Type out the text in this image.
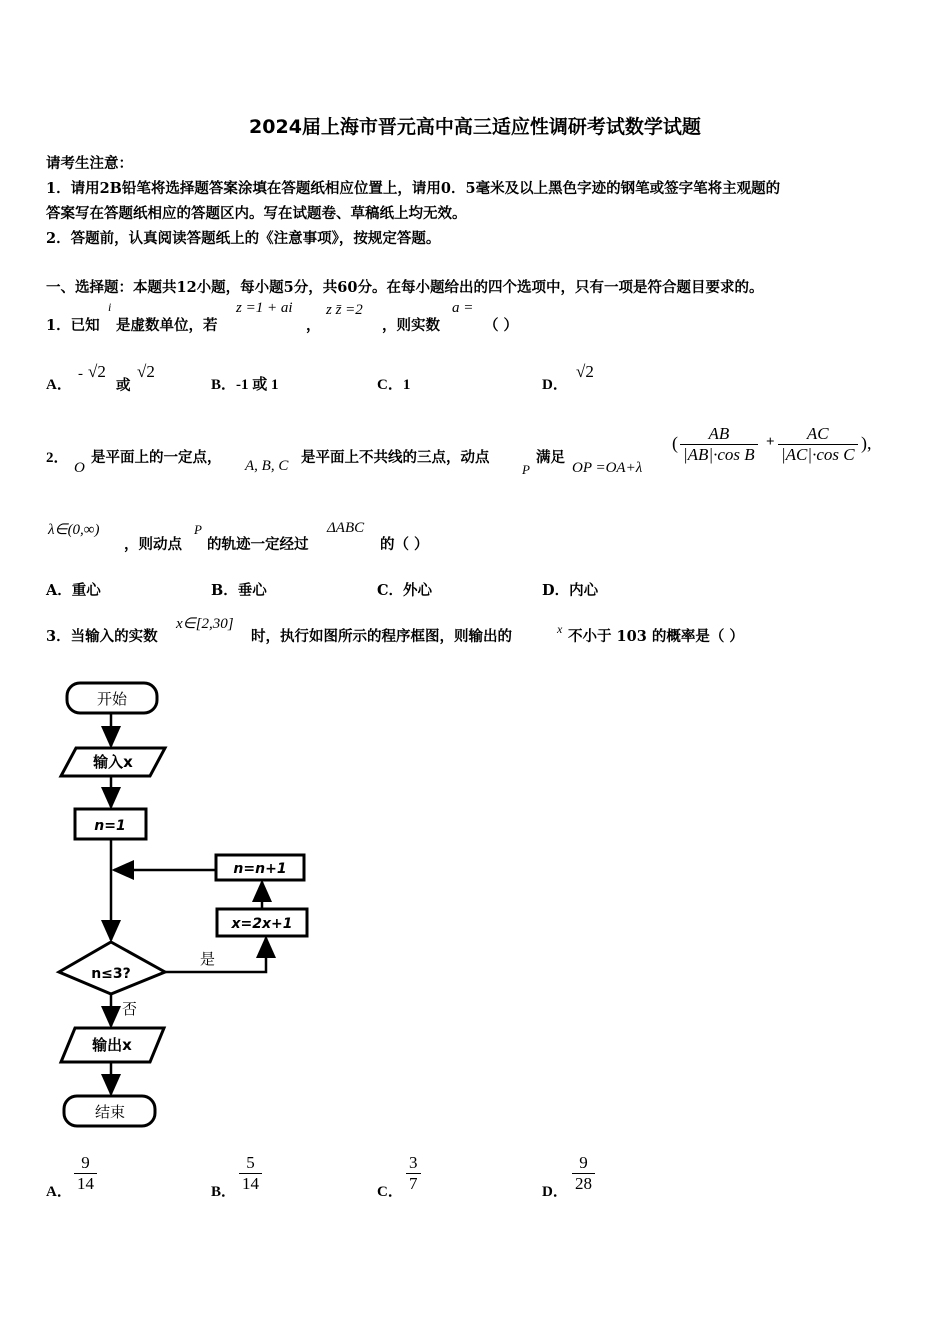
2024届上海市晋元高中高三适应性调研考试数学试题
请考生注意：
1．请用2B铅笔将选择题答案涂填在答题纸相应位置上，请用0．5毫米及以上黑色字迹的钢笔或签字笔将主观题的
答案写在答题纸相应的答题区内。写在试题卷、草稿纸上均无效。
2．答题前，认真阅读答题纸上的《注意事项》，按规定答题。
一、选择题：本题共12小题，每小题5分，共60分。在每小题给出的四个选项中，只有一项是符合题目要求的。
1．已知
i
是虚数单位，若
z =1 + ai
，
z z̄ =2
，则实数
a =
（ ）
A．
- √2
或
√2
B．-1 或 1	C．1	D．
√2
2．
O
是平面上的一定点， A, B, C 是平面上不共线的三点，动点
P
满足
OP =OA+λ
( $\frac{AB}{\text{|AB|·cos B}} + \frac{AC}{\text{|AC|·cos C}}$ ),
λ∈(0,∞)
，则动点
P
的轨迹一定经过
ΔABC
的（ ）
A．重心	B．垂心	C．外心	D．内心
3．当输入的实数
x∈[2,30]
时，执行如图所示的程序框图，则输出的	x 不小于 103 的概率是（ ）
开始
输入x
n=1
n=n+1
x=2x+1
n≤3?
是
否
输出x
结束
A． $\frac{9}{14}$	B． $\frac{5}{14}$	C． $\frac{3}{7}$	D． $\frac{9}{28}$
